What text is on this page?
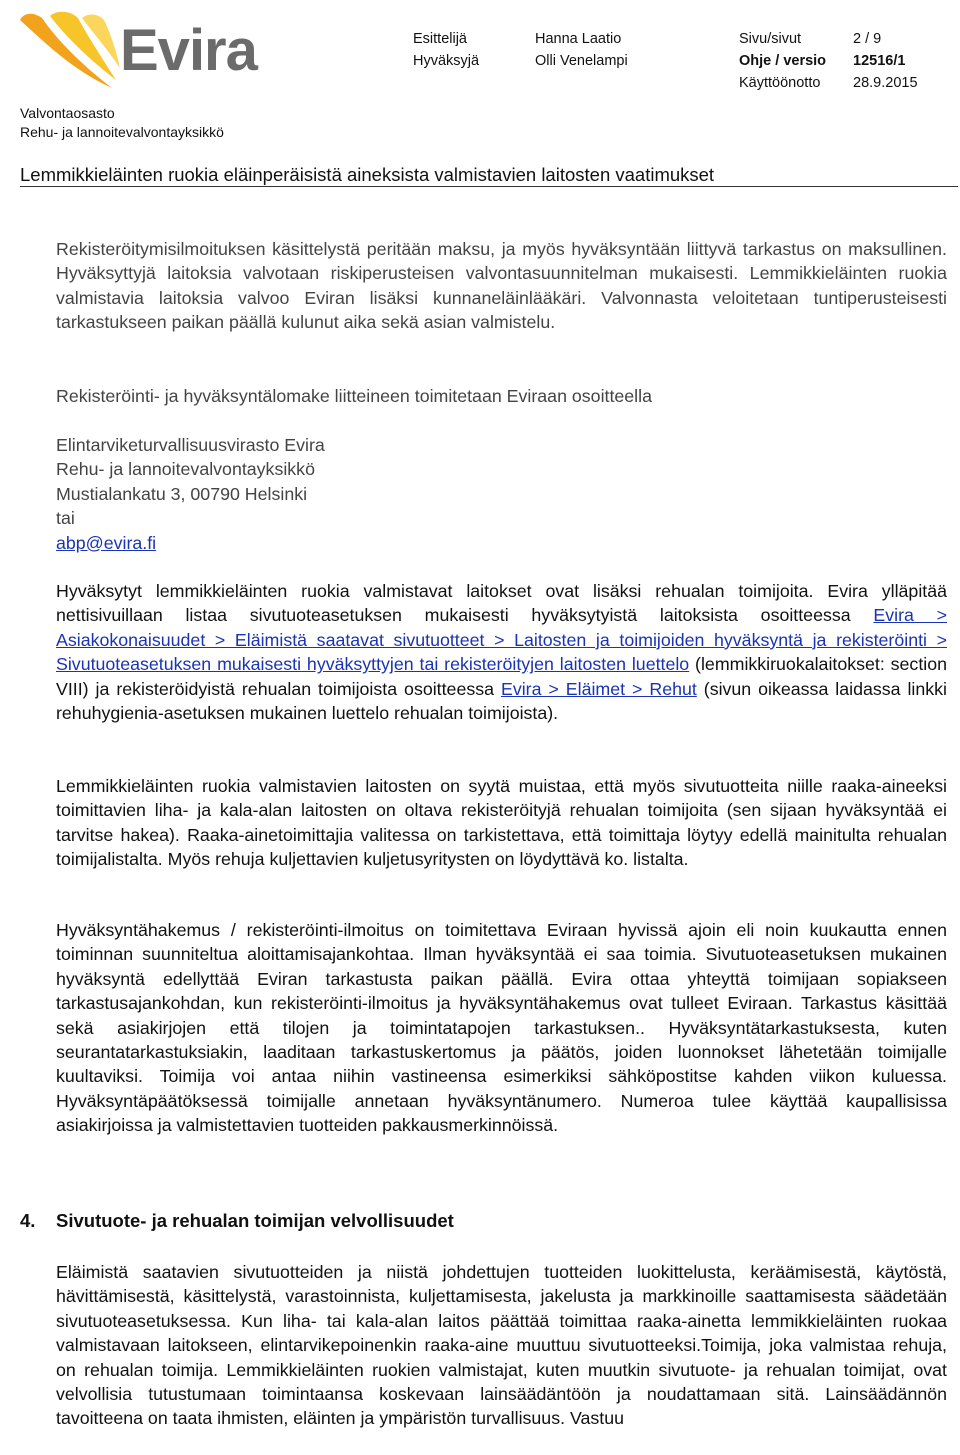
Evira	Esittelijä	Hanna Laatio	Sivu/sivut	2 / 9
Hyväksyjä	Olli Venelampi	Ohje / versio 12516/1
Käyttöönotto 28.9.2015
Valvontaosasto
Rehu- ja lannoitevalvontayksikkö
Lemmikkieläinten ruokia eläinperäisistä aineksista valmistavien laitosten vaatimukset

Rekisteröitymisilmoituksen käsittelystä peritään maksu, ja myös hyväksyntään liittyvä tarkastus on maksullinen. Hyväksyttyjä laitoksia valvotaan riskiperusteisen valvontasuunnitelman mukaisesti. Lemmikkieläinten ruokia valmistavia laitoksia valvoo Eviran lisäksi kunnaneläinlääkäri. Valvonnasta veloitetaan tuntiperusteisesti tarkastukseen paikan päällä kulunut aika sekä asian valmistelu.

Rekisteröinti- ja hyväksyntälomake liitteineen toimitetaan Eviraan osoitteella

Elintarviketurvallisuusvirasto Evira
Rehu- ja lannoitevalvontayksikkö
Mustialankatu 3, 00790 Helsinki
tai
abp@evira.fi

Hyväksytyt lemmikkieläinten ruokia valmistavat laitokset ovat lisäksi rehualan toimijoita. Evira ylläpitää nettisivuillaan listaa sivutuoteasetuksen mukaisesti hyväksytyistä laitoksista osoitteessa Evira > Asiakokonaisuudet > Eläimistä saatavat sivutuotteet > Laitosten ja toimijoiden hyväksyntä ja rekisteröinti > Sivutuoteasetuksen mukaisesti hyväksyttyjen tai rekisteröityjen laitosten luettelo (lemmikkiruokalaitokset: section VIII) ja rekisteröidyistä rehualan toimijoista osoitteessa Evira > Eläimet > Rehut (sivun oikeassa laidassa linkki rehuhygienia-asetuksen mukainen luettelo rehualan toimijoista).

Lemmikkieläinten ruokia valmistavien laitosten on syytä muistaa, että myös sivutuotteita niille raaka-aineeksi toimittavien liha- ja kala-alan laitosten on oltava rekisteröityjä rehualan toimijoita (sen sijaan hyväksyntää ei tarvitse hakea). Raaka-ainetoimittajia valitessa on tarkistettava, että toimittaja löytyy edellä mainitulta rehualan toimijalistalta. Myös rehuja kuljettavien kuljetusyritysten on löydyttävä ko. listalta.

Hyväksyntähakemus / rekisteröinti-ilmoitus on toimitettava Eviraan hyvissä ajoin eli noin kuukautta ennen toiminnan suunniteltua aloittamisajankohtaa. Ilman hyväksyntää ei saa toimia. Sivutuoteasetuksen mukainen hyväksyntä edellyttää Eviran tarkastusta paikan päällä. Evira ottaa yhteyttä toimijaan sopiakseen tarkastusajankohdan, kun rekisteröinti-ilmoitus ja hyväksyntähakemus ovat tulleet Eviraan. Tarkastus käsittää sekä asiakirjojen että tilojen ja toimintatapojen tarkastuksen.. Hyväksyntätarkastuksesta, kuten seurantatarkastuksiakin, laaditaan tarkastuskertomus ja päätös, joiden luonnokset lähetetään toimijalle kuultaviksi. Toimija voi antaa niihin vastineensa esimerkiksi sähköpostitse kahden viikon kuluessa. Hyväksyntäpäätöksessä toimijalle annetaan hyväksyntänumero. Numeroa tulee käyttää kaupallisissa asiakirjoissa ja valmistettavien tuotteiden pakkausmerkinnöissä.

4. Sivutuote- ja rehualan toimijan velvollisuudet

Eläimistä saatavien sivutuotteiden ja niistä johdettujen tuotteiden luokittelusta, keräämisestä, käytöstä, hävittämisestä, käsittelystä, varastoinnista, kuljettamisesta, jakelusta ja markkinoille saattamisesta säädetään sivutuoteasetuksessa. Kun liha- tai kala-alan laitos päättää toimittaa raaka-ainetta lemmikkieläinten ruokaa valmistavaan laitokseen, elintarvikepoinenkin raaka-aine muuttuu sivutuotteeksi.Toimija, joka valmistaa rehuja, on rehualan toimija. Lemmikkieläinten ruokien valmistajat, kuten muutkin sivutuote- ja rehualan toimijat, ovat velvollisia tutustumaan toimintaansa koskevaan lainsäädäntöön ja noudattamaan sitä. Lainsäädännön tavoitteena on taata ihmisten, eläinten ja ympäristön turvallisuus. Vastuu
